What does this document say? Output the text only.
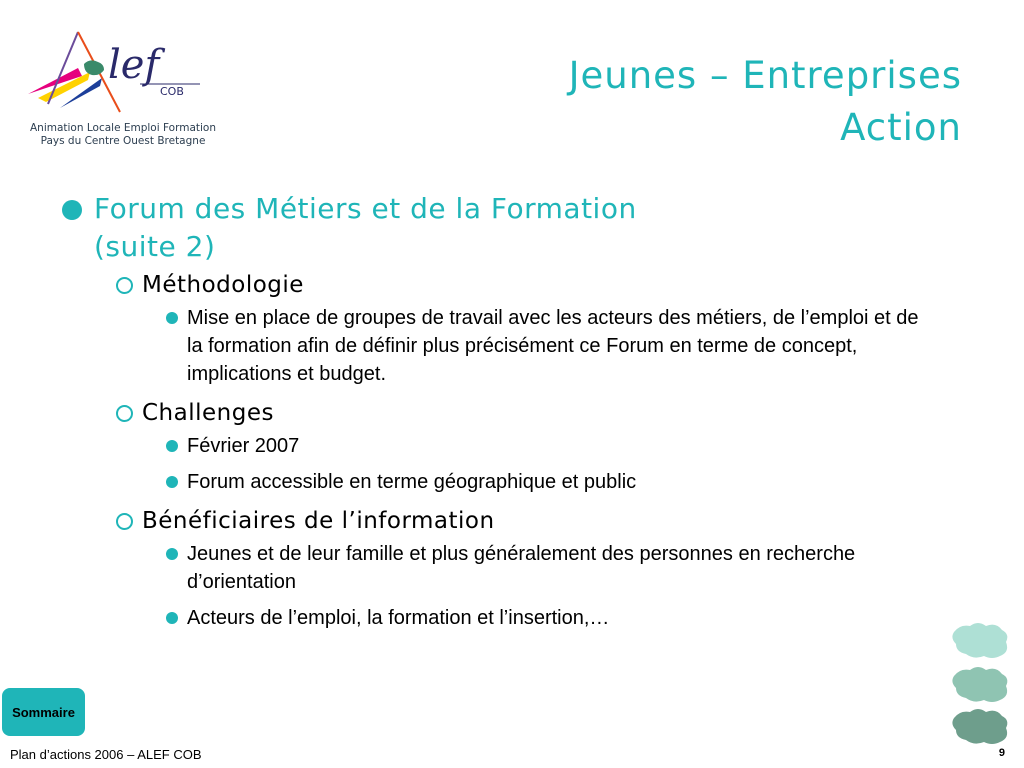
lef
COB
Animation Locale Emploi Formation
Pays du Centre Ouest Bretagne
Jeunes – Entreprises
Action
Forum des Métiers et de la Formation
(suite 2)
Méthodologie
Mise en place de groupes de travail avec les acteurs des métiers, de l’emploi et de la formation afin de définir plus précisément ce Forum en terme de concept, implications et budget.
Challenges
Février 2007
Forum accessible en terme géographique et public
Bénéficiaires de l’information
Jeunes et de leur famille et plus généralement des personnes en recherche d’orientation
Acteurs de l’emploi, la formation et l’insertion,…
Sommaire
Plan d’actions 2006 – ALEF COB	9
